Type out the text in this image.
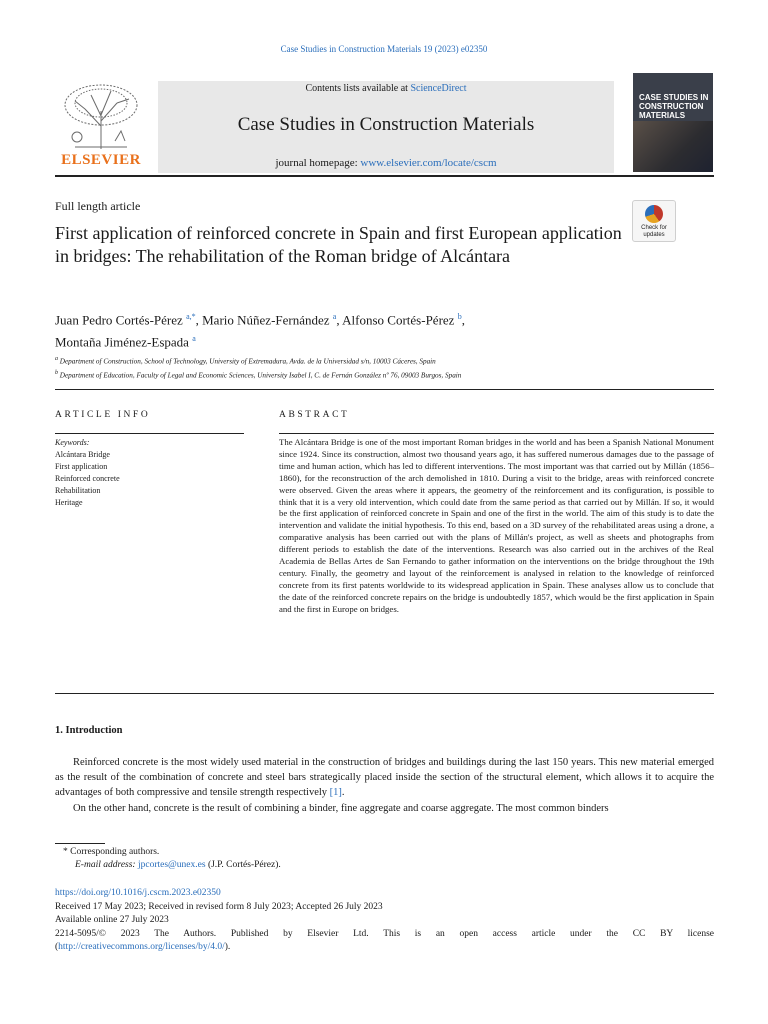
Case Studies in Construction Materials 19 (2023) e02350
ELSEVIER
Contents lists available at ScienceDirect
Case Studies in Construction Materials
journal homepage: www.elsevier.com/locate/cscm
CASE STUDIES IN CONSTRUCTION MATERIALS
Full length article
Check for updates
First application of reinforced concrete in Spain and first European application in bridges: The rehabilitation of the Roman bridge of Alcántara
Juan Pedro Cortés-Pérez $^{a,*}$, Mario Núñez-Fernández $^a$, Alfonso Cortés-Pérez $^b$,
Montaña Jiménez-Espada $^a$
$^a$ Department of Construction, School of Technology, University of Extremadura, Avda. de la Universidad s/n, 10003 Cáceres, Spain
$^b$ Department of Education, Faculty of Legal and Economic Sciences, University Isabel I, C. de Fernán González nº 76, 09003 Burgos, Spain
ARTICLE INFO	ABSTRACT
Keywords:
Alcántara Bridge
First application
Reinforced concrete
Rehabilitation
Heritage
The Alcántara Bridge is one of the most important Roman bridges in the world and has been a Spanish National Monument since 1924. Since its construction, almost two thousand years ago, it has suffered numerous damages due to the passage of time and human action, which has led to different interventions. The most important was that carried out by Millán (1856–1860), for the reconstruction of the arch demolished in 1810. During a visit to the bridge, areas with reinforced concrete were observed. Given the areas where it appears, the geometry of the reinforcement and its configuration, is possible to think that it is a very old intervention, which could date from the same period as that carried out by Millán. If so, it would be the first application of reinforced concrete in Spain and one of the first in the world. The aim of this study is to date the intervention and validate the initial hypothesis. To this end, based on a 3D survey of the rehabilitated areas using a drone, a comparative analysis has been carried out with the plans of Millán's project, as well as sheets and photographs from different periods to establish the date of the interventions. Research was also carried out in the archives of the Real Academia de Bellas Artes de San Fernando to gather information on the interventions on the bridge throughout the 19th century. Finally, the geometry and layout of the reinforcement is analysed in relation to the knowledge of reinforced concrete from its first patents worldwide to its widespread application in Spain. These analyses allow us to conclude that the date of the reinforced concrete repairs on the bridge is undoubtedly 1857, which would be the first application in Spain and the first in Europe on bridges.
1. Introduction

Reinforced concrete is the most widely used material in the construction of bridges and buildings during the last 150 years. This new material emerged as the result of the combination of concrete and steel bars strategically placed inside the section of the structural element, which allows it to acquire the advantages of both compressive and tensile strength respectively [1].

On the other hand, concrete is the result of combining a binder, fine aggregate and coarse aggregate. The most common binders

* Corresponding authors.
E-mail address: jpcortes@unex.es (J.P. Cortés-Pérez).
https://doi.org/10.1016/j.cscm.2023.e02350
Received 17 May 2023; Received in revised form 8 July 2023; Accepted 26 July 2023
Available online 27 July 2023
2214-5095/© 2023 The Authors. Published by Elsevier Ltd. This is an open access article under the CC BY license
(http://creativecommons.org/licenses/by/4.0/).
